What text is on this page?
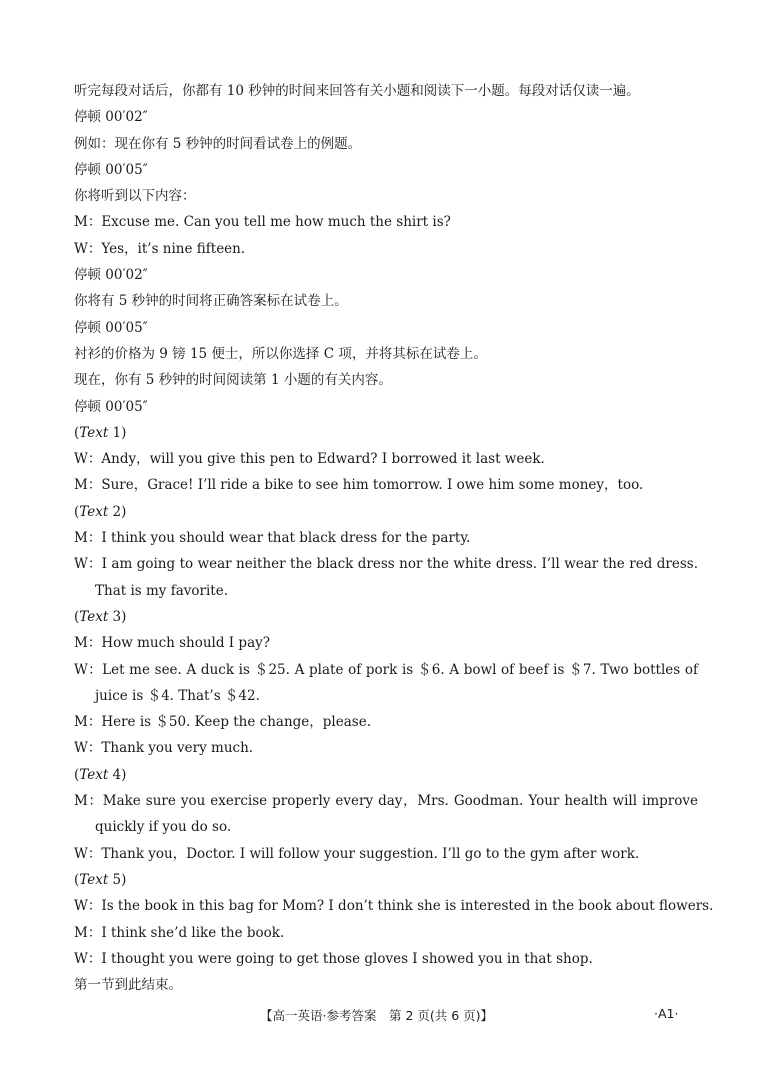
听完每段对话后，你都有 10 秒钟的时间来回答有关小题和阅读下一小题。每段对话仅读一遍。
停顿 00′02″
例如：现在你有 5 秒钟的时间看试卷上的例题。
停顿 00′05″
你将听到以下内容：
M：Excuse me. Can you tell me how much the shirt is?
W：Yes，it’s nine fifteen.
停顿 00′02″
你将有 5 秒钟的时间将正确答案标在试卷上。
停顿 00′05″
衬衫的价格为 9 镑 15 便士，所以你选择 C 项，并将其标在试卷上。
现在，你有 5 秒钟的时间阅读第 1 小题的有关内容。
停顿 00′05″
(Text 1)
W：Andy，will you give this pen to Edward? I borrowed it last week.
M：Sure，Grace! I’ll ride a bike to see him tomorrow. I owe him some money，too.
(Text 2)
M：I think you should wear that black dress for the party.
W：I am going to wear neither the black dress nor the white dress. I’ll wear the red dress. That is my favorite.
(Text 3)
M：How much should I pay?
W：Let me see. A duck is ＄25. A plate of pork is ＄6. A bowl of beef is ＄7. Two bottles of juice is ＄4. That’s ＄42.
M：Here is ＄50. Keep the change，please.
W：Thank you very much.
(Text 4)
M：Make sure you exercise properly every day，Mrs. Goodman. Your health will improve quickly if you do so.
W：Thank you，Doctor. I will follow your suggestion. I’ll go to the gym after work.
(Text 5)
W：Is the book in this bag for Mom? I don’t think she is interested in the book about flowers.
M：I think she’d like the book.
W：I thought you were going to get those gloves I showed you in that shop.
第一节到此结束。
【高一英语·参考答案　第 2 页(共 6 页)】	·A1·
